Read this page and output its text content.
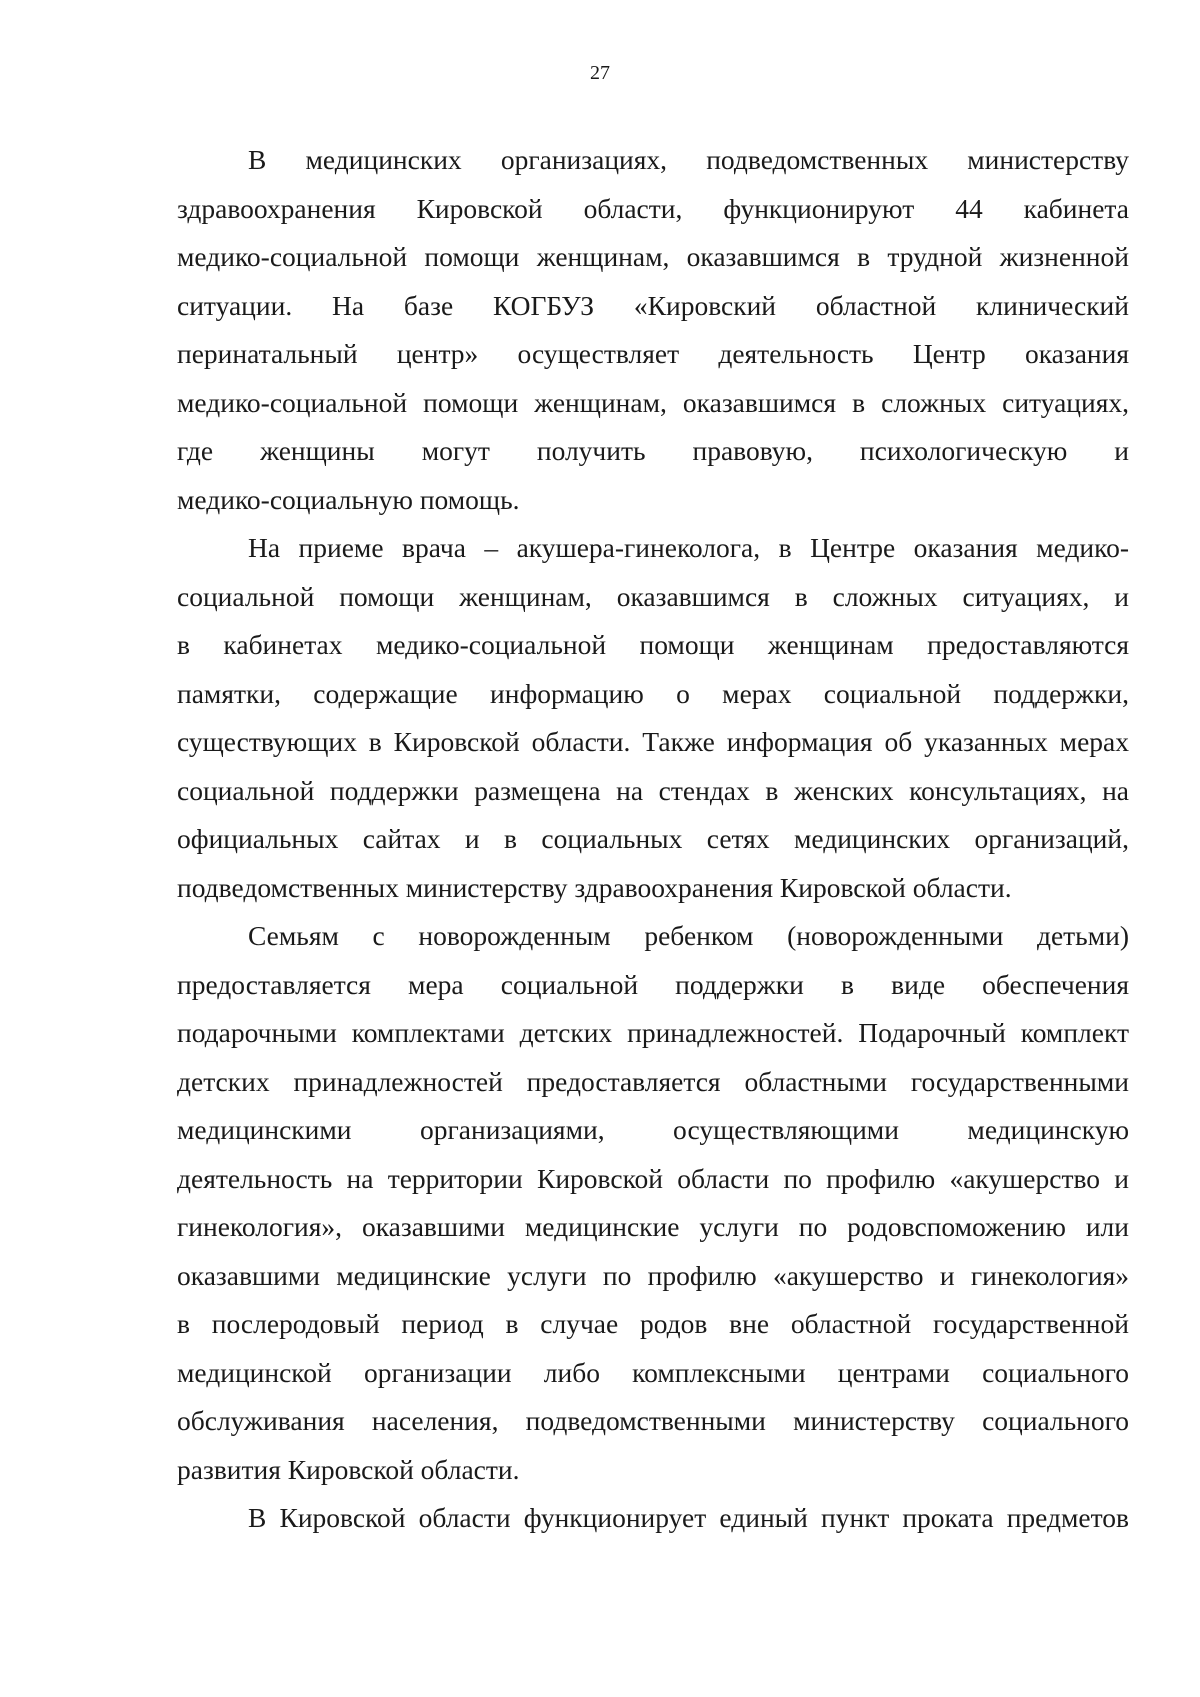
27
В медицинских организациях, подведомственных министерству
здравоохранения Кировской области, функционируют 44 кабинета
медико-социальной помощи женщинам, оказавшимся в трудной жизненной
ситуации. На базе КОГБУЗ «Кировский областной клинический
перинатальный центр» осуществляет деятельность Центр оказания
медико-социальной помощи женщинам, оказавшимся в сложных ситуациях,
где женщины могут получить правовую, психологическую и
медико-социальную помощь.
На приеме врача – акушера-гинеколога, в Центре оказания медико-
социальной помощи женщинам, оказавшимся в сложных ситуациях, и
в кабинетах медико-социальной помощи женщинам предоставляются
памятки, содержащие информацию о мерах социальной поддержки,
существующих в Кировской области. Также информация об указанных мерах
социальной поддержки размещена на стендах в женских консультациях, на
официальных сайтах и в социальных сетях медицинских организаций,
подведомственных министерству здравоохранения Кировской области.
Семьям с новорожденным ребенком (новорожденными детьми)
предоставляется мера социальной поддержки в виде обеспечения
подарочными комплектами детских принадлежностей. Подарочный комплект
детских принадлежностей предоставляется областными государственными
медицинскими организациями, осуществляющими медицинскую
деятельность на территории Кировской области по профилю «акушерство и
гинекология», оказавшими медицинские услуги по родовспоможению или
оказавшими медицинские услуги по профилю «акушерство и гинекология»
в послеродовый период в случае родов вне областной государственной
медицинской организации либо комплексными центрами социального
обслуживания населения, подведомственными министерству социального
развития Кировской области.
В Кировской области функционирует единый пункт проката предметов
